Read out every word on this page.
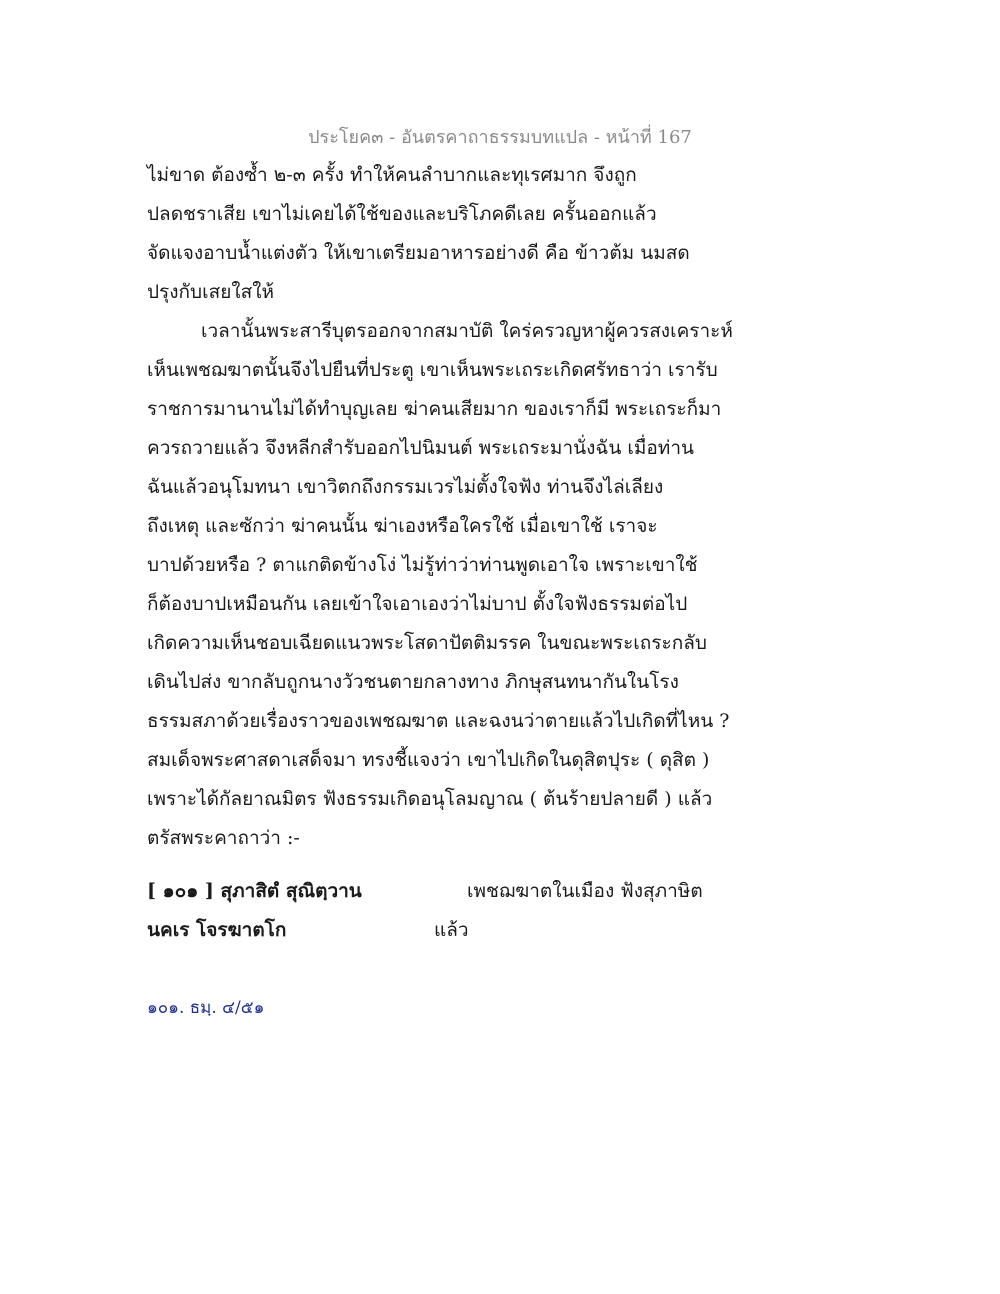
ประโยค๓ - อันตรคาถาธรรมบทแปล - หน้าที่ 167
ไม่ขาด ต้องซ้ำ ๒-๓ ครั้ง ทำให้คนลำบากและทุเรศมาก จึงถูก
ปลดชราเสีย เขาไม่เคยได้ใช้ของและบริโภคดีเลย ครั้นออกแล้ว
จัดแจงอาบน้ำแต่งตัว ให้เขาเตรียมอาหารอย่างดี คือ ข้าวต้ม นมสด
ปรุงกับเสยใสให้
เวลานั้นพระสารีบุตรออกจากสมาบัติ ใคร่ครวญหาผู้ควรสงเคราะห์
เห็นเพชฌฆาตนั้นจึงไปยืนที่ประตู เขาเห็นพระเถระเกิดศรัทธาว่า เรารับ
ราชการมานานไม่ได้ทำบุญเลย ฆ่าคนเสียมาก ของเราก็มี พระเถระก็มา
ควรถวายแล้ว จึงหลีกสำรับออกไปนิมนต์ พระเถระมานั่งฉัน เมื่อท่าน
ฉันแล้วอนุโมทนา เขาวิตกถึงกรรมเวรไม่ตั้งใจฟัง ท่านจึงไล่เลียง
ถึงเหตุ และซักว่า ฆ่าคนนั้น ฆ่าเองหรือใครใช้ เมื่อเขาใช้ เราจะ
บาปด้วยหรือ ? ตาแกติดข้างโง่ ไม่รู้ท่าว่าท่านพูดเอาใจ เพราะเขาใช้
ก็ต้องบาปเหมือนกัน เลยเข้าใจเอาเองว่าไม่บาป ตั้งใจฟังธรรมต่อไป
เกิดความเห็นชอบเฉียดแนวพระโสดาปัตติมรรค ในขณะพระเถระกลับ
เดินไปส่ง ขากลับถูกนางวัวชนตายกลางทาง ภิกษุสนทนากันในโรง
ธรรมสภาด้วยเรื่องราวของเพชฌฆาต และฉงนว่าตายแล้วไปเกิดที่ไหน ?
สมเด็จพระศาสดาเสด็จมา ทรงชี้แจงว่า เขาไปเกิดในดุสิตปุระ ( ดุสิต )
เพราะได้กัลยาณมิตร ฟังธรรมเกิดอนุโลมญาณ ( ต้นร้ายปลายดี ) แล้ว
ตรัสพระคาถาว่า :-
[ ๑๐๑ ] สุภาสิตํ สุณิตฺวาน	เพชฌฆาตในเมือง ฟังสุภาษิต
นคเร โจรฆาตโก	แล้ว
๑๐๑. ธมฺ. ๔/๕๑
